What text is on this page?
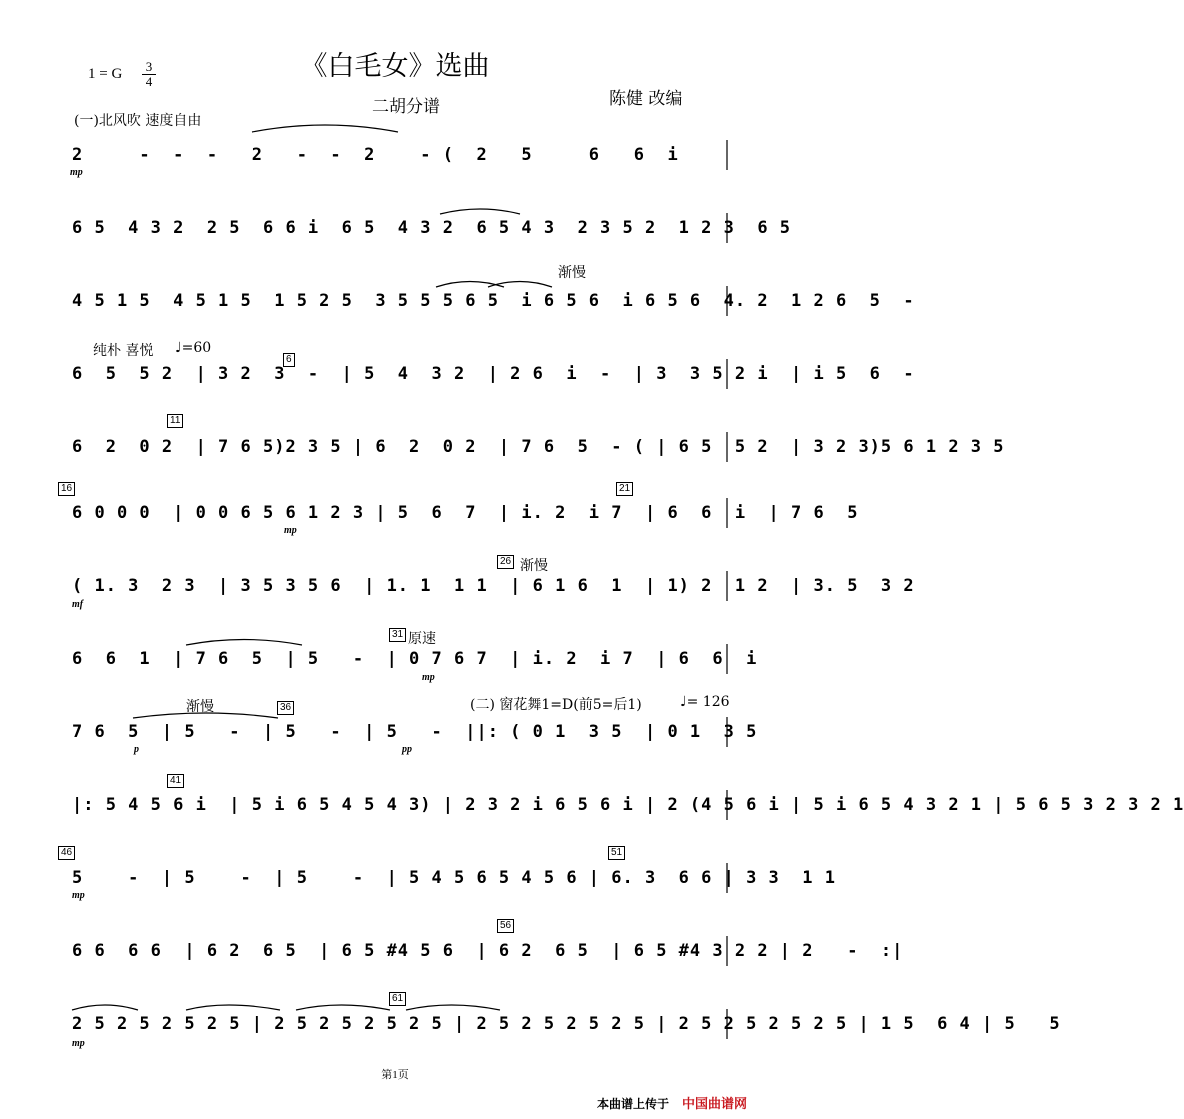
1 = G $\frac{3}{4}$	《白毛女》选曲
二胡分谱	陈健 改编
(一)北风吹 速度自由
渐慢
纯朴 喜悦 ♩=60
渐慢
原速
渐慢	(二) 窗花舞1=D(前5=后1)	♩= 126
6
11
16	21
26
31
36
41
46	51
56
61
2     -  -  -   2   -  -  2    - (  2   5     6   6  i
6 5  4 3 2  2 5  6 6 i  6 5  4 3 2  6 5 4 3  2 3 5 2  1 2 3  6 5
4 5 1 5  4 5 1 5  1 5 2 5  3 5 5 5 6 5  i 6 5 6  i 6 5 6  4. 2  1 2 6  5  -
6  5  5 2  | 3 2  3  -  | 5  4  3 2  | 2 6  i  -  | 3  3 5 2 i  | i 5  6  -
6  2  0 2  | 7 6 5)2 3 5 | 6  2  0 2  | 7 6  5  - ( | 6 5  5 2  | 3 2 3)5 6 1 2 3 5
6 0 0 0  | 0 0 6 5 6 1 2 3 | 5  6  7  | i. 2  i 7  | 6  6  i  | 7 6  5
( 1. 3  2 3  | 3 5 3 5 6  | 1. 1  1 1  | 6 1 6  1  | 1) 2  1 2  | 3. 5  3 2
6  6  1  | 7 6  5  | 5   -  | 0 7 6 7  | i. 2  i 7  | 6  6  i
7 6  5  | 5   -  | 5   -  | 5   -  ||: ( 0 1  3 5  | 0 1  3 5
|: 5 4 5 6 i  | 5 i 6 5 4 5 4 3) | 2 3 2 i 6 5 6 i | 2 (4 5 6 i | 5 i 6 5 4 3 2 1 | 5 6 5 3 2 3 2 1
5    -  | 5    -  | 5    -  | 5 4 5 6 5 4 5 6 | 6. 3  6 6 | 3 3  1 1
6 6  6 6  | 6 2  6 5  | 6 5 #4 5 6  | 6 2  6 5  | 6 5 #4 3 2 2 | 2   -  :|
2 5 2 5 2 5 2 5 | 2 5 2 5 2 5 2 5 | 2 5 2 5 2 5 2 5 | 2 5 2 5 2 5 2 5 | 1 5  6 4 | 5   5
mp
mp
mf
mp
p	pp
mp
mp
第1页
本曲谱上传于 中国曲谱网
